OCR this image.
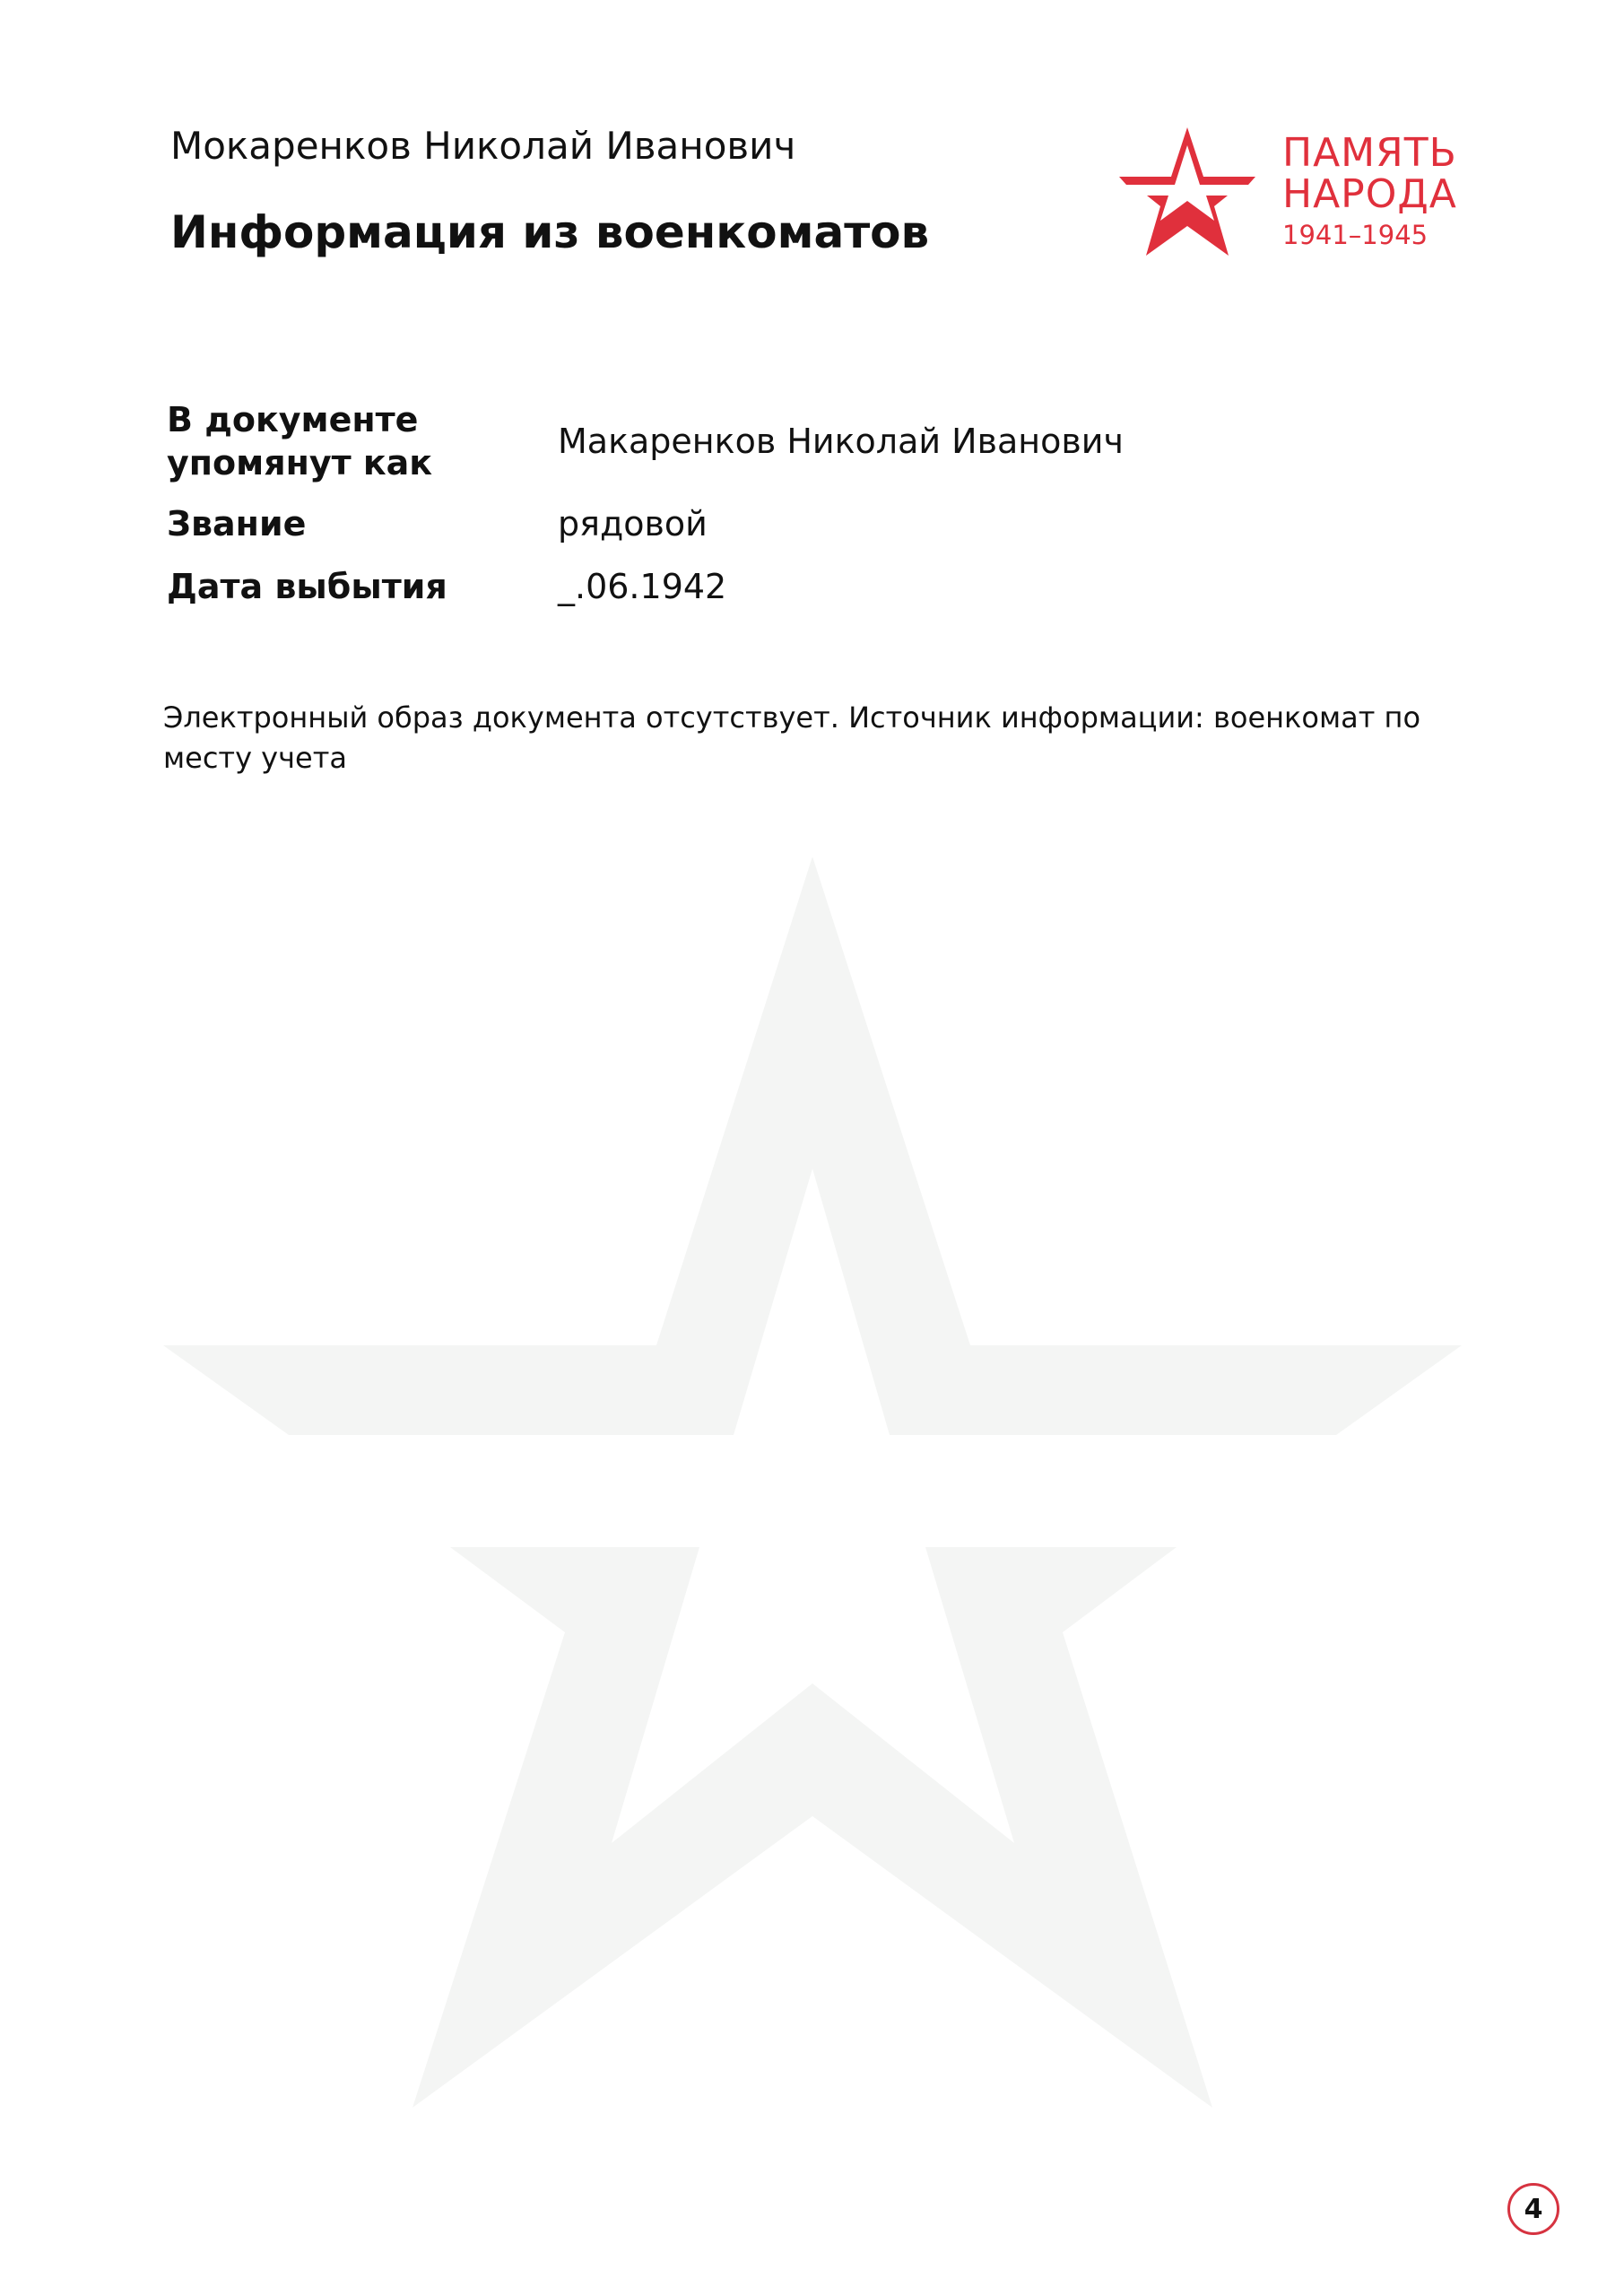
Мокаренков Николай Иванович
Информация из военкоматов
ПАМЯТЬ
НАРОДА
1941–1945
В документе упомянут как
Макаренков Николай Иванович
Звание	рядовой
Дата выбытия	_.06.1942
Электронный образ документа отсутствует. Источник информации: военкомат по месту учета
4
